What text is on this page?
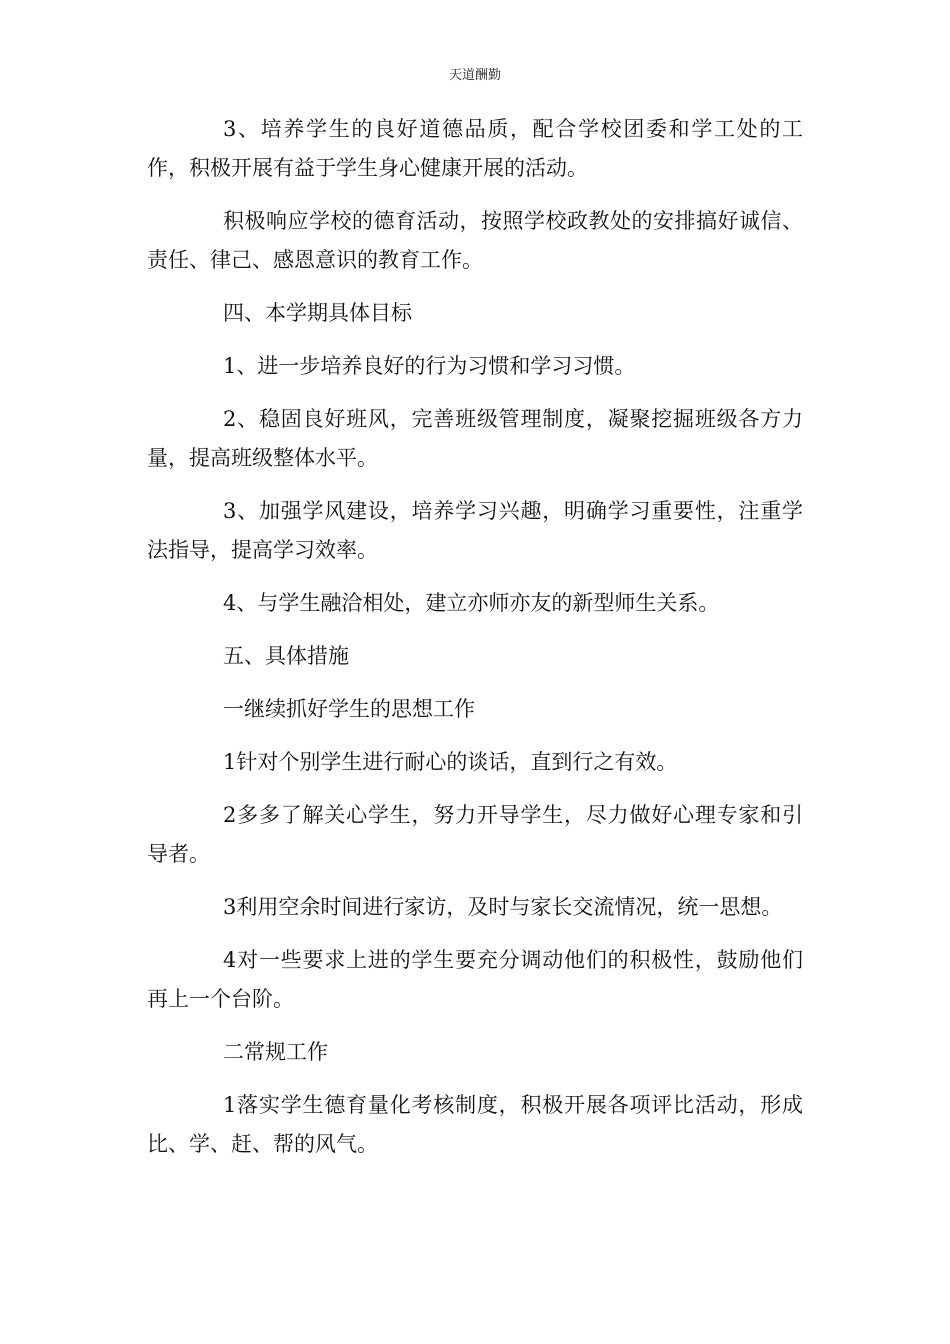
天道酬勤

3、培养学生的良好道德品质，配合学校团委和学工处的工作，积极开展有益于学生身心健康开展的活动。

积极响应学校的德育活动，按照学校政教处的安排搞好诚信、责任、律己、感恩意识的教育工作。

四、本学期具体目标

1、进一步培养良好的行为习惯和学习习惯。

2、稳固良好班风，完善班级管理制度，凝聚挖掘班级各方力量，提高班级整体水平。

3、加强学风建设，培养学习兴趣，明确学习重要性，注重学法指导，提高学习效率。

4、与学生融洽相处，建立亦师亦友的新型师生关系。

五、具体措施

一继续抓好学生的思想工作

1针对个别学生进行耐心的谈话，直到行之有效。

2多多了解关心学生，努力开导学生，尽力做好心理专家和引导者。

3利用空余时间进行家访，及时与家长交流情况，统一思想。

4对一些要求上进的学生要充分调动他们的积极性，鼓励他们再上一个台阶。

二常规工作

1落实学生德育量化考核制度，积极开展各项评比活动，形成比、学、赶、帮的风气。
